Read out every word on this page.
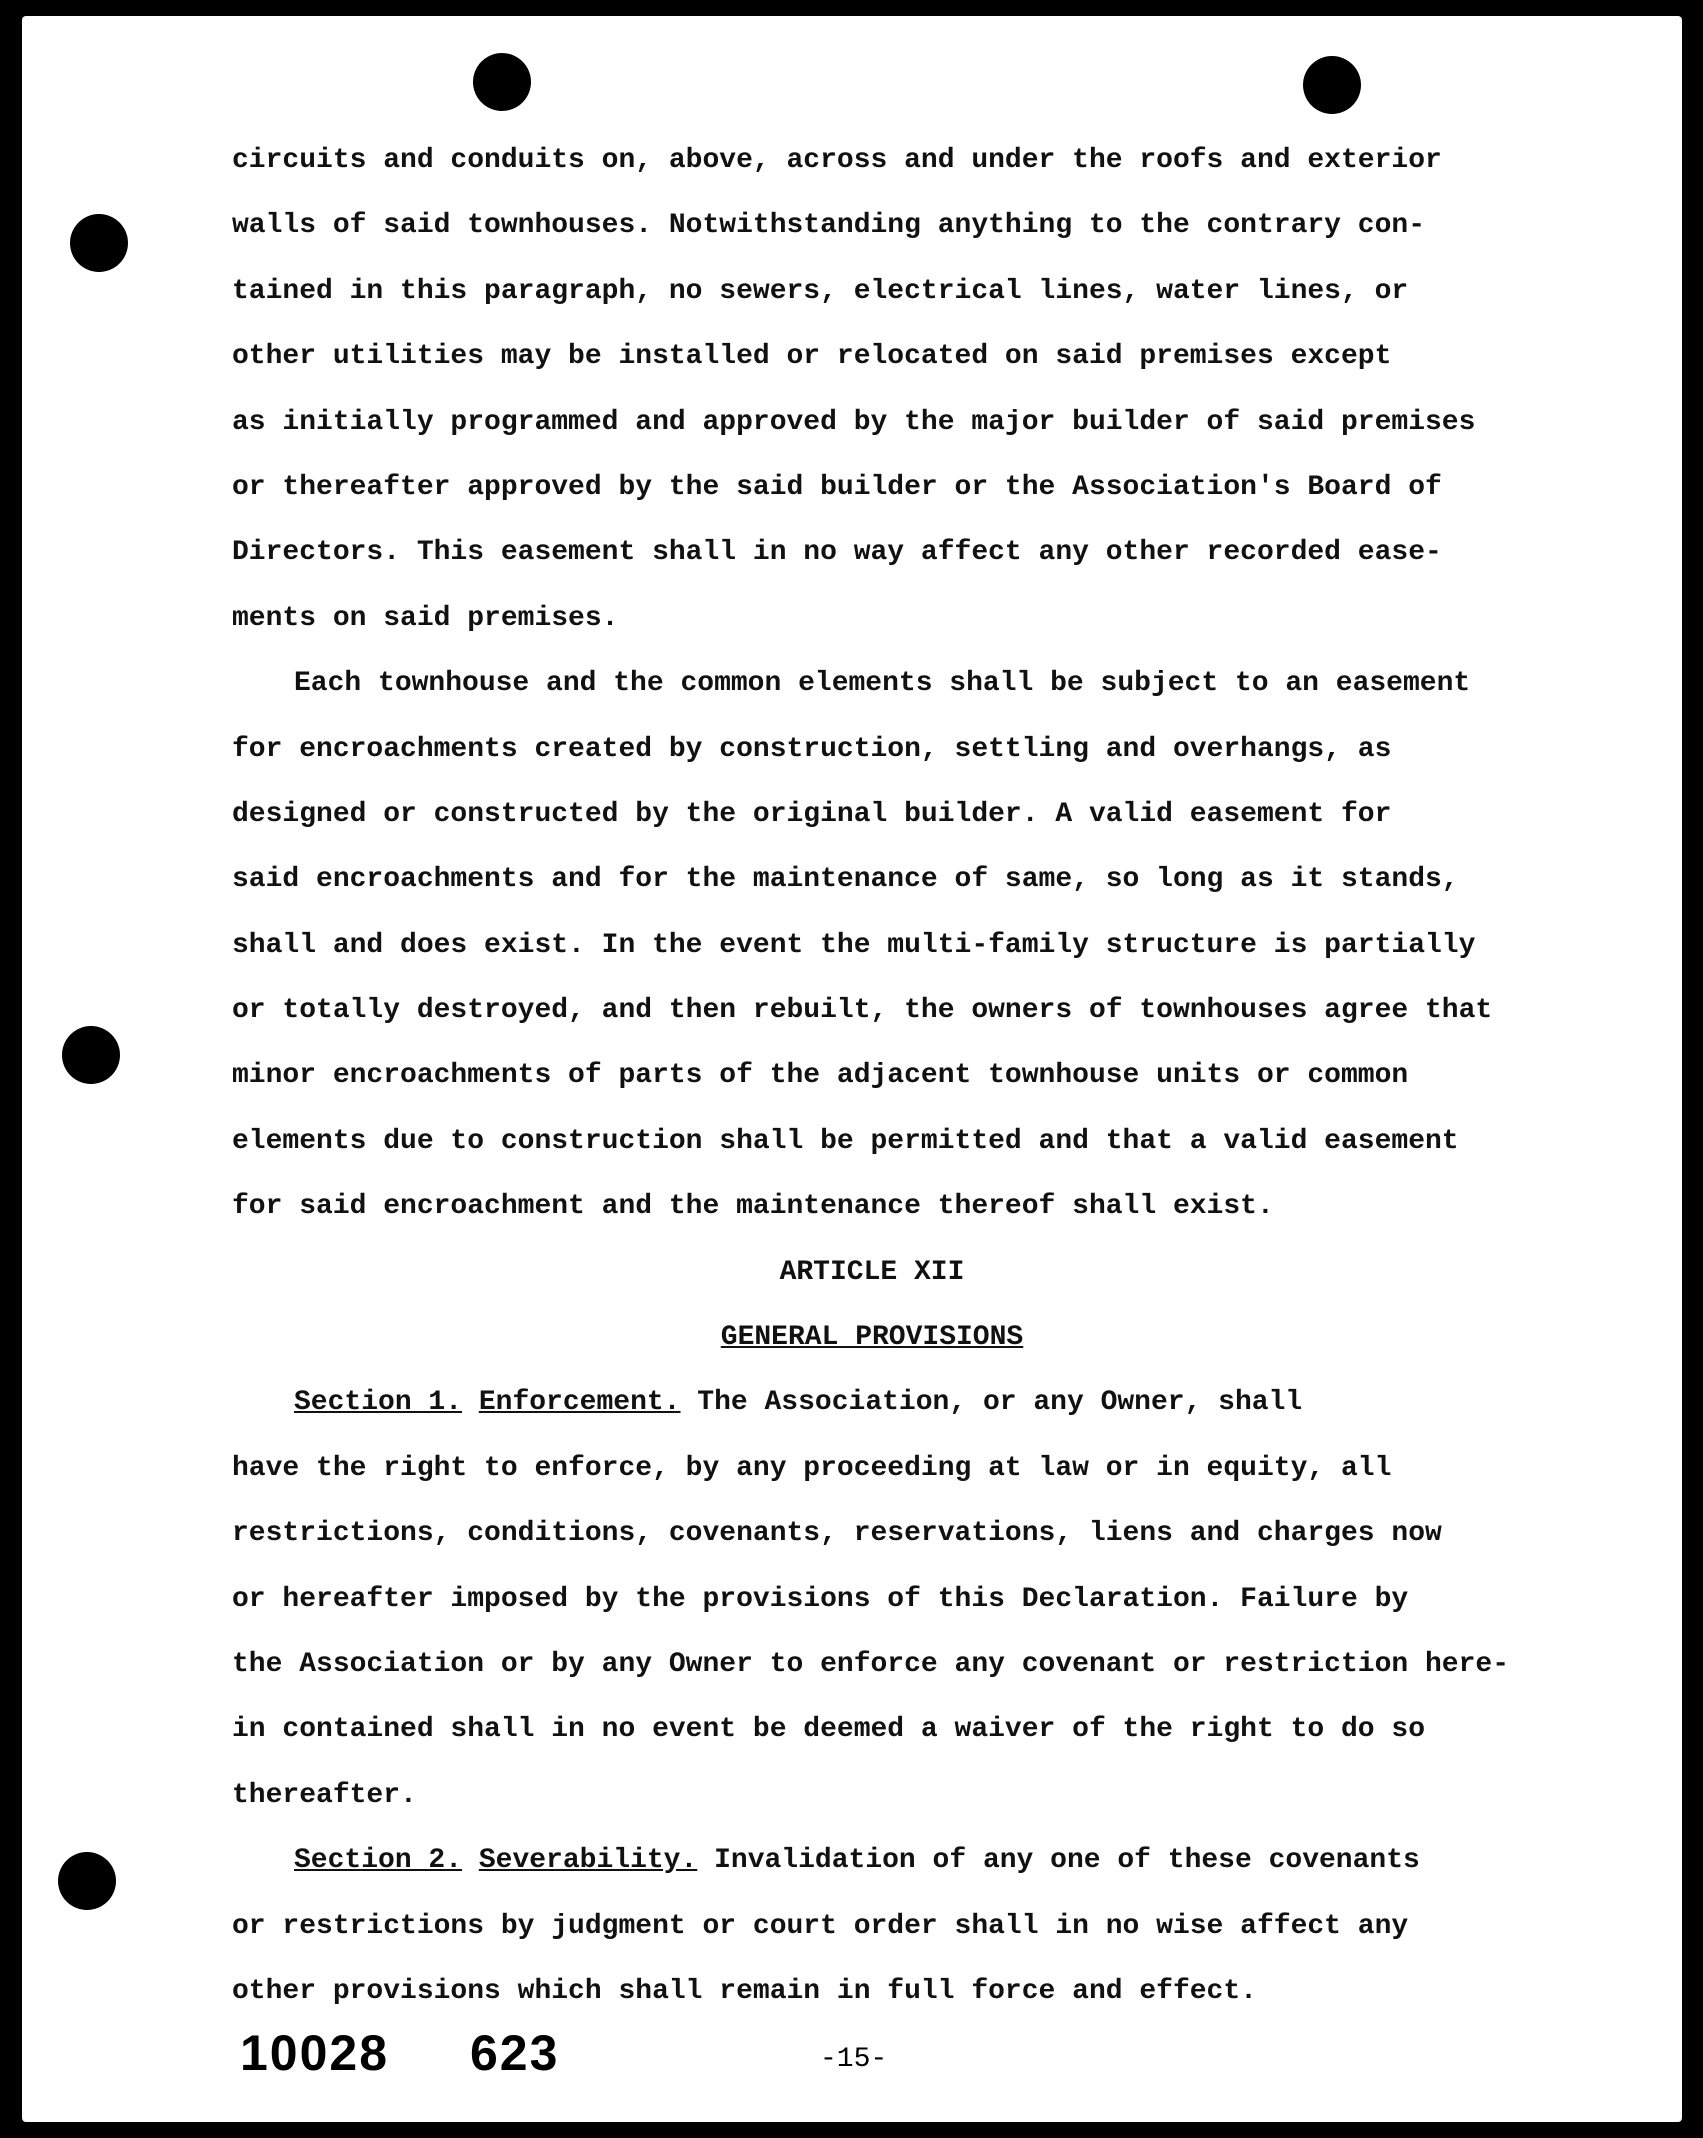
circuits and conduits on, above, across and under the roofs and exterior
walls of said townhouses. Notwithstanding anything to the contrary con-
tained in this paragraph, no sewers, electrical lines, water lines, or
other utilities may be installed or relocated on said premises except
as initially programmed and approved by the major builder of said premises
or thereafter approved by the said builder or the Association's Board of
Directors. This easement shall in no way affect any other recorded ease-
ments on said premises.
Each townhouse and the common elements shall be subject to an easement
for encroachments created by construction, settling and overhangs, as
designed or constructed by the original builder. A valid easement for
said encroachments and for the maintenance of same, so long as it stands,
shall and does exist. In the event the multi-family structure is partially
or totally destroyed, and then rebuilt, the owners of townhouses agree that
minor encroachments of parts of the adjacent townhouse units or common
elements due to construction shall be permitted and that a valid easement
for said encroachment and the maintenance thereof shall exist.
ARTICLE XII
GENERAL PROVISIONS
Section 1. Enforcement. The Association, or any Owner, shall
have the right to enforce, by any proceeding at law or in equity, all
restrictions, conditions, covenants, reservations, liens and charges now
or hereafter imposed by the provisions of this Declaration. Failure by
the Association or by any Owner to enforce any covenant or restriction here-
in contained shall in no event be deemed a waiver of the right to do so
thereafter.
Section 2. Severability. Invalidation of any one of these covenants
or restrictions by judgment or court order shall in no wise affect any
other provisions which shall remain in full force and effect.
10028 623	-15-
